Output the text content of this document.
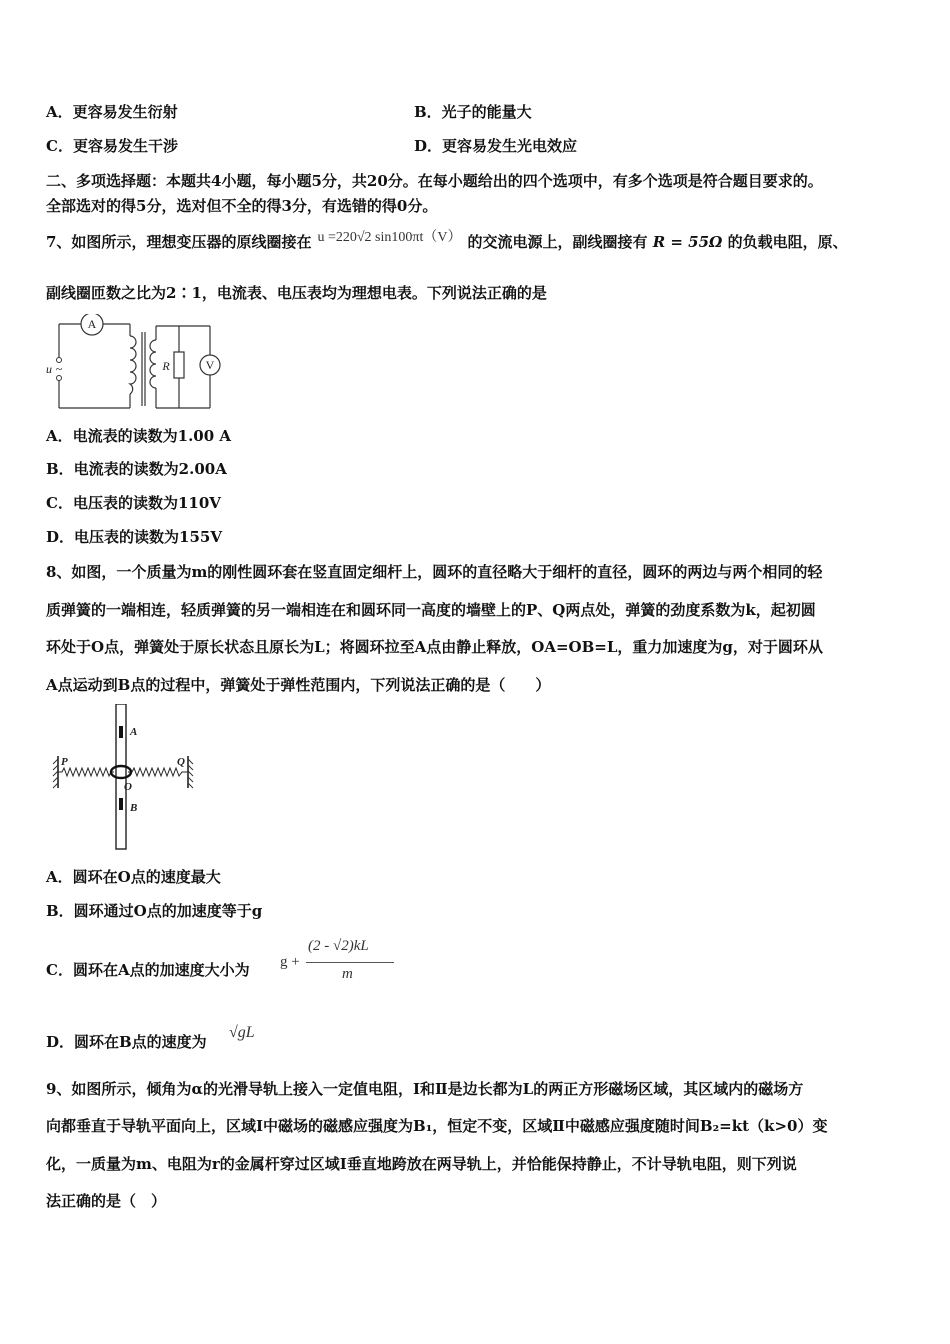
A．更容易发生衍射	B．光子的能量大
C．更容易发生干涉	D．更容易发生光电效应
二、多项选择题：本题共4小题，每小题5分，共20分。在每小题给出的四个选项中，有多个选项是符合题目要求的。
全部选对的得5分，选对但不全的得3分，有选错的得0分。
7、如图所示，理想变压器的原线圈接在 u =220√2 sin100πt（V） 的交流电源上，副线圈接有 R = 55Ω 的负载电阻，原、
副线圈匝数之比为2∶1，电流表、电压表均为理想电表。下列说法正确的是
A
V
R
u ~
A．电流表的读数为1.00 A
B．电流表的读数为2.00A
C．电压表的读数为110V
D．电压表的读数为155V
8、如图，一个质量为m的刚性圆环套在竖直固定细杆上，圆环的直径略大于细杆的直径，圆环的两边与两个相同的轻
质弹簧的一端相连，轻质弹簧的另一端相连在和圆环同一高度的墙壁上的P、Q两点处，弹簧的劲度系数为k，起初圆
环处于O点，弹簧处于原长状态且原长为L；将圆环拉至A点由静止释放，OA=OB=L，重力加速度为g，对于圆环从
A点运动到B点的过程中，弹簧处于弹性范围内，下列说法正确的是（　　）
A
B
O
P	Q
A．圆环在O点的速度最大
B．圆环通过O点的加速度等于g
C．圆环在A点的加速度大小为 g +
(2 - √2)kL
m
D．圆环在B点的速度为
√gL
9、如图所示，倾角为α的光滑导轨上接入一定值电阻，Ⅰ和Ⅱ是边长都为L的两正方形磁场区域，其区域内的磁场方
向都垂直于导轨平面向上，区域Ⅰ中磁场的磁感应强度为B₁，恒定不变，区域Ⅱ中磁感应强度随时间B₂=kt（k>0）变
化，一质量为m、电阻为r的金属杆穿过区域Ⅰ垂直地跨放在两导轨上，并恰能保持静止，不计导轨电阻，则下列说
法正确的是（　）
